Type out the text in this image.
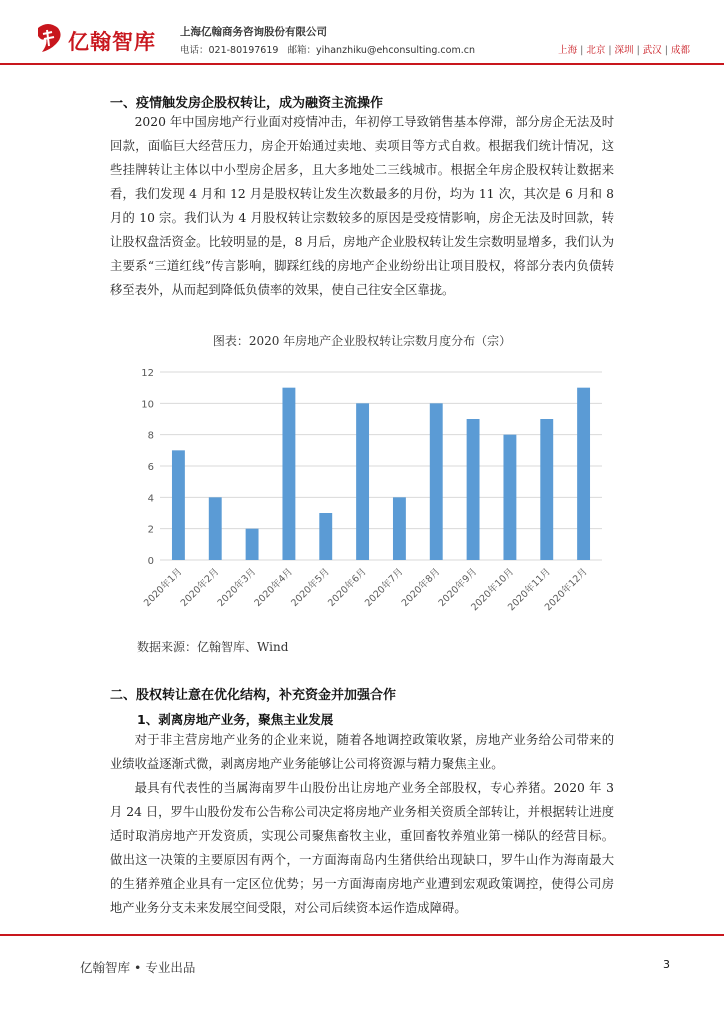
亿翰智库 上海亿翰商务咨询股份有限公司
电话：021-80197619 邮箱：yihanzhiku@ehconsulting.com.cn	上海 | 北京 | 深圳 | 武汉 | 成都
一、疫情触发房企股权转让，成为融资主流操作

2020 年中国房地产行业面对疫情冲击，年初停工导致销售基本停滞，部分房企无法及时回款，面临巨大经营压力，房企开始通过卖地、卖项目等方式自救。根据我们统计情况，这些挂牌转让主体以中小型房企居多，且大多地处二三线城市。根据全年房企股权转让数据来看，我们发现 4 月和 12 月是股权转让发生次数最多的月份，均为 11 次，其次是 6 月和 8 月的 10 宗。我们认为 4 月股权转让宗数较多的原因是受疫情影响，房企无法及时回款，转让股权盘活资金。比较明显的是，8 月后，房地产企业股权转让发生宗数明显增多，我们认为主要系“三道红线”传言影响，脚踩红线的房地产企业纷纷出让项目股权，将部分表内负债转移至表外，从而起到降低负债率的效果，使自己往安全区靠拢。

图表：2020 年房地产企业股权转让宗数月度分布（宗）
0
2
4
6
8
10
12
2020年1月
2020年2月
2020年3月
2020年4月
2020年5月
2020年6月
2020年7月
2020年8月
2020年9月
2020年10月
2020年11月
2020年12月
数据来源：亿翰智库、Wind
二、股权转让意在优化结构，补充资金并加强合作
1、剥离房地产业务，聚焦主业发展

对于非主营房地产业务的企业来说，随着各地调控政策收紧，房地产业务给公司带来的业绩收益逐渐式微，剥离房地产业务能够让公司将资源与精力聚焦主业。

最具有代表性的当属海南罗牛山股份出让房地产业务全部股权，专心养猪。2020 年 3 月 24 日，罗牛山股份发布公告称公司决定将房地产业务相关资质全部转让，并根据转让进度适时取消房地产开发资质，实现公司聚焦畜牧主业，重回畜牧养殖业第一梯队的经营目标。做出这一决策的主要原因有两个，一方面海南岛内生猪供给出现缺口，罗牛山作为海南最大的生猪养殖企业具有一定区位优势；另一方面海南房地产业遭到宏观政策调控，使得公司房地产业务分支未来发展空间受限，对公司后续资本运作造成障碍。

亿翰智库 • 专业出品	3
